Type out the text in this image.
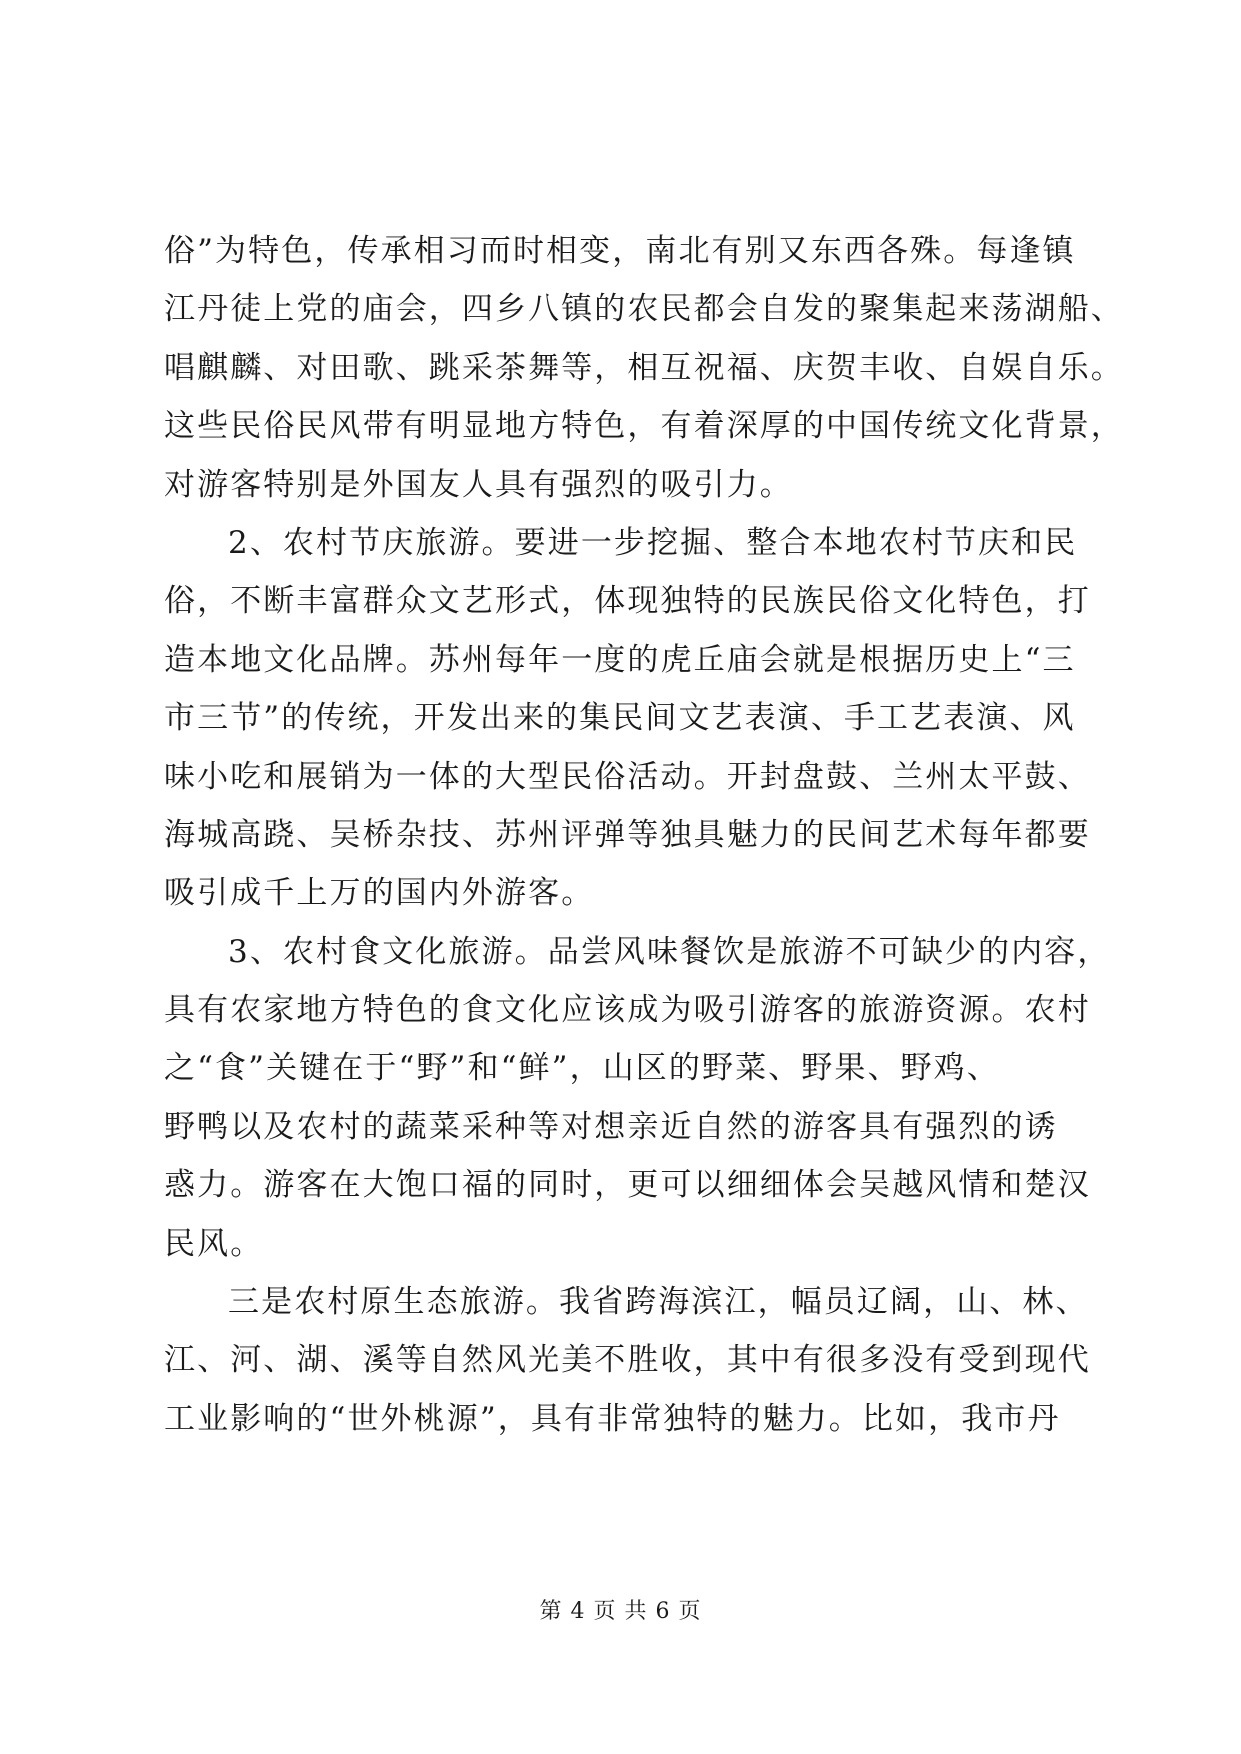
俗”为特色，传承相习而时相变，南北有别又东西各殊。每逢镇
江丹徒上党的庙会，四乡八镇的农民都会自发的聚集起来荡湖船、
唱麒麟、对田歌、跳采茶舞等，相互祝福、庆贺丰收、自娱自乐。
这些民俗民风带有明显地方特色，有着深厚的中国传统文化背景，
对游客特别是外国友人具有强烈的吸引力。
2、农村节庆旅游。要进一步挖掘、整合本地农村节庆和民
俗，不断丰富群众文艺形式，体现独特的民族民俗文化特色，打
造本地文化品牌。苏州每年一度的虎丘庙会就是根据历史上“三
市三节”的传统，开发出来的集民间文艺表演、手工艺表演、风
味小吃和展销为一体的大型民俗活动。开封盘鼓、兰州太平鼓、
海城高跷、吴桥杂技、苏州评弹等独具魅力的民间艺术每年都要
吸引成千上万的国内外游客。
3、农村食文化旅游。品尝风味餐饮是旅游不可缺少的内容，
具有农家地方特色的食文化应该成为吸引游客的旅游资源。农村
之“食”关键在于“野”和“鲜”，山区的野菜、野果、野鸡、
野鸭以及农村的蔬菜采种等对想亲近自然的游客具有强烈的诱
惑力。游客在大饱口福的同时，更可以细细体会吴越风情和楚汉
民风。
三是农村原生态旅游。我省跨海滨江，幅员辽阔，山、林、
江、河、湖、溪等自然风光美不胜收，其中有很多没有受到现代
工业影响的“世外桃源”，具有非常独特的魅力。比如，我市丹
第 4 页 共 6 页
